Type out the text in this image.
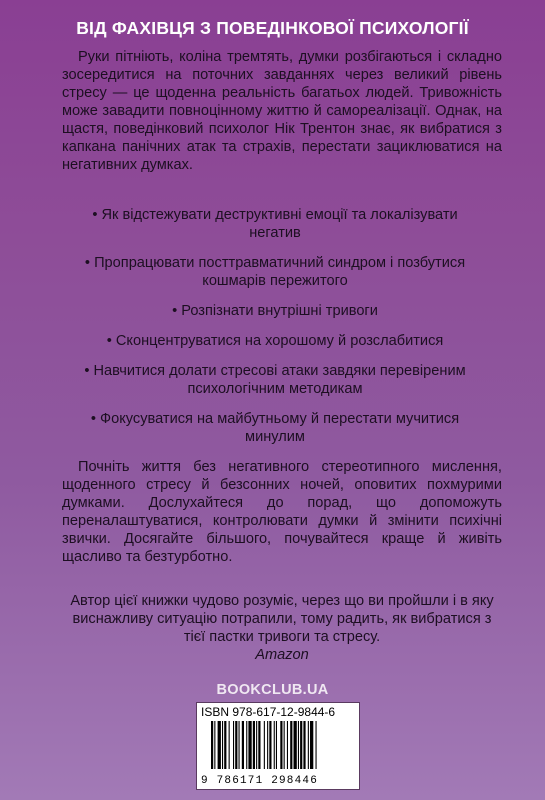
ВІД ФАХІВЦЯ З ПОВЕДІНКОВОЇ ПСИХОЛОГІЇ

Руки пітніють, коліна тремтять, думки розбігаються і складно зосередитися на поточних завданнях через великий рівень стресу — це щоденна реальність багатьох людей. Тривожність може завадити повноцінному життю й самореалізації. Однак, на щастя, поведінковий психолог Нік Трентон знає, як вибратися з капкана панічних атак та страхів, перестати зациклюватися на негативних думках.

• Як відстежувати деструктивні емоції та локалізувати негатив
• Пропрацювати посттравматичний синдром і позбутися кошмарів пережитого
• Розпізнати внутрішні тривоги
• Сконцентруватися на хорошому й розслабитися
• Навчитися долати стресові атаки завдяки перевіреним психологічним методикам
• Фокусуватися на майбутньому й перестати мучитися минулим

Почніть життя без негативного стереотипного мислення, щоденного стресу й безсонних ночей, оповитих похмурими думками. Дослухайтеся до порад, що допоможуть переналаштуватися, контролювати думки й змінити психічні звички. Досягайте більшого, почувайтеся краще й живіть щасливо та безтурботно.

Автор цієї книжки чудово розуміє, через що ви пройшли і в яку виснажливу ситуацію потрапили, тому радить, як вибратися з тієї пастки тривоги та стресу.

Amazon

BOOKCLUB.UA
ISBN 978-617-12-9844-6
9 786171 298446
